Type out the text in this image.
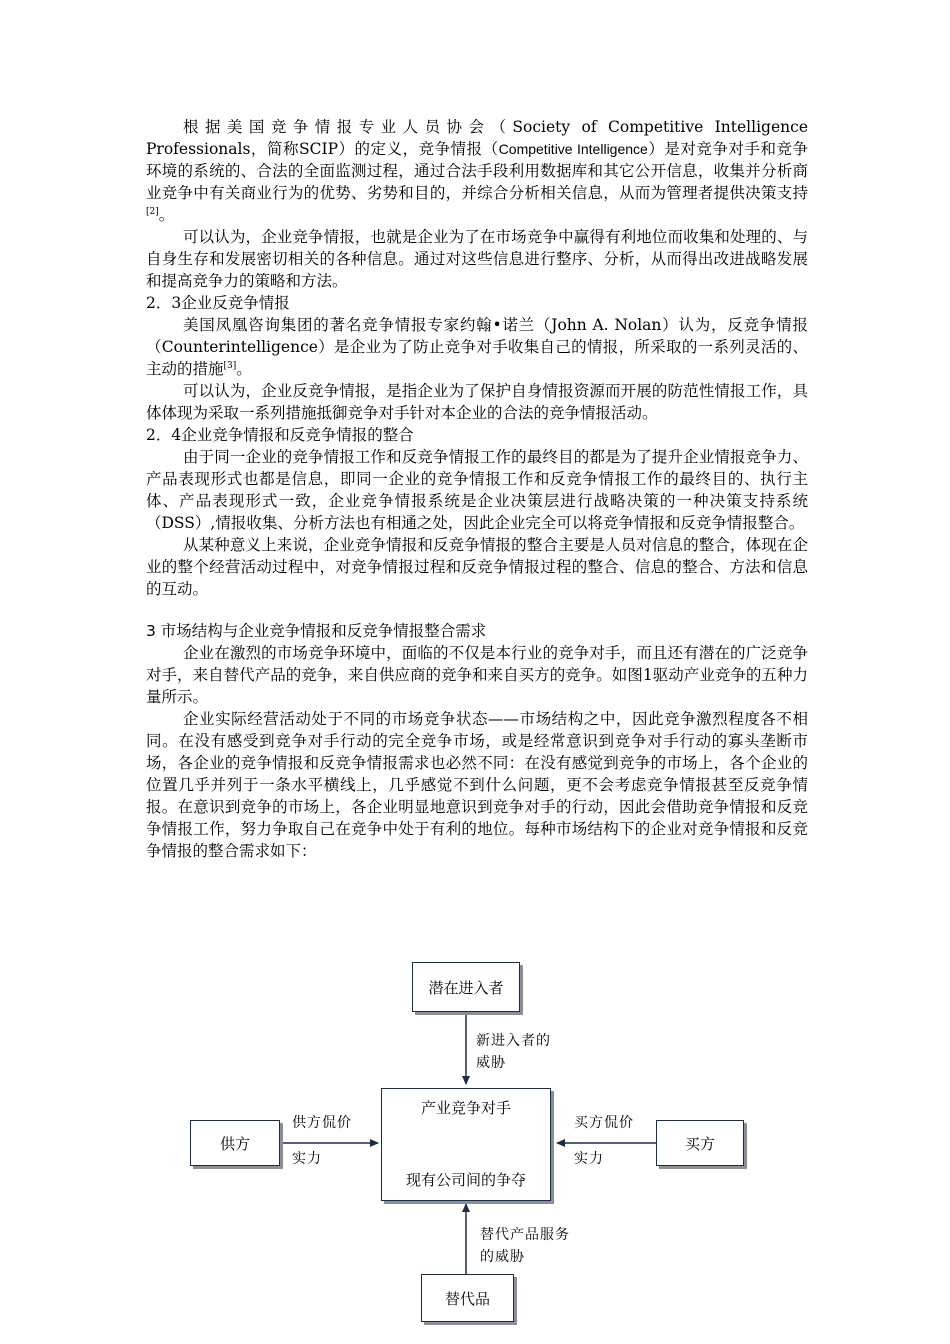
根据美国竞争情报专业人员协会（Society of Competitive Intelligence Professionals，简称SCIP）的定义，竞争情报（Competitive Intelligence）是对竞争对手和竞争环境的系统的、合法的全面监测过程，通过合法手段利用数据库和其它公开信息，收集并分析商业竞争中有关商业行为的优势、劣势和目的，并综合分析相关信息，从而为管理者提供决策支持[2]。

可以认为，企业竞争情报，也就是企业为了在市场竞争中赢得有利地位而收集和处理的、与自身生存和发展密切相关的各种信息。通过对这些信息进行整序、分析，从而得出改进战略发展和提高竞争力的策略和方法。

2．3企业反竞争情报

美国凤凰咨询集团的著名竞争情报专家约翰•诺兰（John A. Nolan）认为，反竞争情报（Counterintelligence）是企业为了防止竞争对手收集自己的情报，所采取的一系列灵活的、主动的措施[3]。

可以认为，企业反竞争情报，是指企业为了保护自身情报资源而开展的防范性情报工作，具体体现为采取一系列措施抵御竞争对手针对本企业的合法的竞争情报活动。

2．4企业竞争情报和反竞争情报的整合

由于同一企业的竞争情报工作和反竞争情报工作的最终目的都是为了提升企业情报竞争力、产品表现形式也都是信息，即同一企业的竞争情报工作和反竞争情报工作的最终目的、执行主体、产品表现形式一致，企业竞争情报系统是企业决策层进行战略决策的一种决策支持系统（DSS）,情报收集、分析方法也有相通之处，因此企业完全可以将竞争情报和反竞争情报整合。

从某种意义上来说，企业竞争情报和反竞争情报的整合主要是人员对信息的整合，体现在企业的整个经营活动过程中，对竞争情报过程和反竞争情报过程的整合、信息的整合、方法和信息的互动。

3 市场结构与企业竞争情报和反竞争情报整合需求

企业在激烈的市场竞争环境中，面临的不仅是本行业的竞争对手，而且还有潜在的广泛竞争对手，来自替代产品的竞争，来自供应商的竞争和来自买方的竞争。如图1驱动产业竞争的五种力量所示。

企业实际经营活动处于不同的市场竞争状态——市场结构之中，因此竞争激烈程度各不相同。在没有感受到竞争对手行动的完全竞争市场，或是经常意识到竞争对手行动的寡头垄断市场，各企业的竞争情报和反竞争情报需求也必然不同：在没有感觉到竞争的市场上，各个企业的位置几乎并列于一条水平横线上，几乎感觉不到什么问题，更不会考虑竞争情报甚至反竞争情报。在意识到竞争的市场上，各企业明显地意识到竞争对手的行动，因此会借助竞争情报和反竞争情报工作，努力争取自己在竞争中处于有利的地位。每种市场结构下的企业对竞争情报和反竞争情报的整合需求如下：

潜在进入者
新进入者的
威胁
产业竞争对手
现有公司间的争夺
供方
供方侃价
实力
买方
买方侃价
实力
替代品
替代产品服务
的威胁
